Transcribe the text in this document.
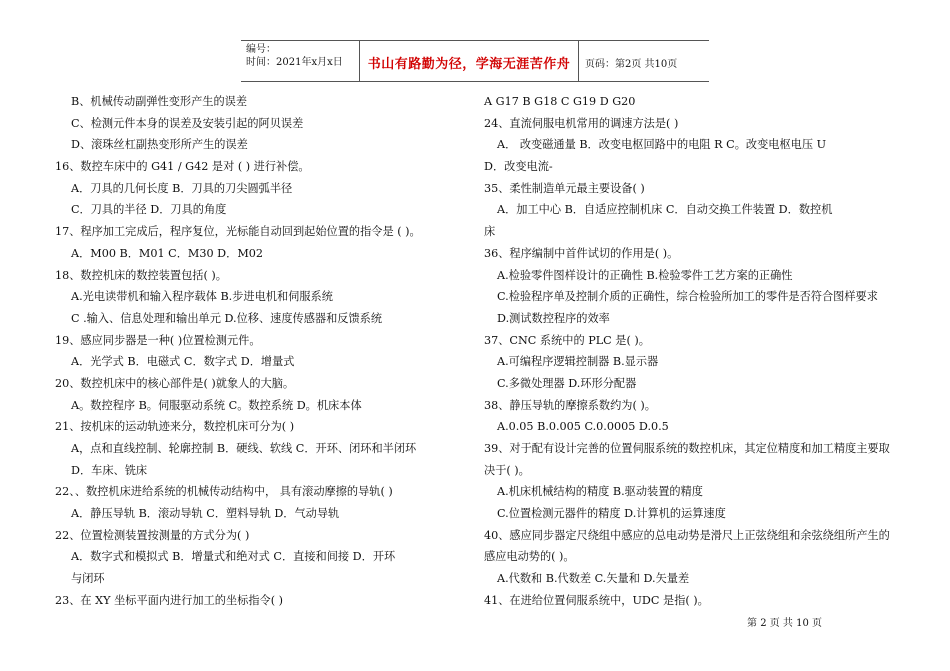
编号：
时间：2021年x月x日	书山有路勤为径，学海无涯苦作舟	页码：第2页 共10页
B、机械传动副弹性变形产生的误差
C、检测元件本身的误差及安装引起的阿贝误差
D、滚珠丝杠副热变形所产生的误差
16、数控车床中的 G41 / G42 是对 ( ) 进行补偿。
A．刀具的几何长度 B．刀具的刀尖圆弧半径
C．刀具的半径 D．刀具的角度
17、程序加工完成后，程序复位，光标能自动回到起始位置的指令是 ( )。
A．M00 B．M01 C．M30 D．M02
18、数控机床的数控装置包括( )。
A.光电读带机和输入程序载体 B.步进电机和伺服系统
C .输入、信息处理和输出单元 D.位移、速度传感器和反馈系统
19、感应同步器是一种( )位置检测元件。
A．光学式 B．电磁式 C．数字式 D．增量式
20、数控机床中的核心部件是( )就象人的大脑。
A。数控程序 B。伺服驱动系统 C。数控系统 D。机床本体
21、按机床的运动轨迹来分，数控机床可分为( )
A，点和直线控制、轮廓控制 B．硬线、软线 C．开环、闭环和半闭环
D．车床、铣床
22、、数控机床进给系统的机械传动结构中， 具有滚动摩擦的导轨( )
A．静压导轨 B．滚动导轨 C．塑料导轨 D．气动导轨
22、位置检测装置按测量的方式分为( )
A．数字式和模拟式 B．增量式和绝对式 C．直接和间接 D．开环
与闭环
23、在 XY 坐标平面内进行加工的坐标指令( )
A G17 B G18 C G19 D G20
24、直流伺服电机常用的调速方法是( )
A． 改变磁通量 B．改变电枢回路中的电阻 R C。改变电枢电压 U
D．改变电流-
35、柔性制造单元最主要设备( )
A．加工中心 B．自适应控制机床 C．自动交换工件装置 D．数控机
床
36、程序编制中首件试切的作用是( )。
A.检验零件图样设计的正确性 B.检验零件工艺方案的正确性
C.检验程序单及控制介质的正确性，综合检验所加工的零件是否符合图样要求
D.测试数控程序的效率
37、CNC 系统中的 PLC 是( )。
A.可编程序逻辑控制器 B.显示器
C.多微处理器 D.环形分配器
38、静压导轨的摩擦系数约为( )。
A.0.05 B.0.005 C.0.0005 D.0.5
39、对于配有设计完善的位置伺服系统的数控机床，其定位精度和加工精度主要取
决于( )。
A.机床机械结构的精度 B.驱动装置的精度
C.位置检测元器件的精度 D.计算机的运算速度
40、感应同步器定尺绕组中感应的总电动势是滑尺上正弦绕组和余弦绕组所产生的
感应电动势的( )。
A.代数和 B.代数差 C.矢量和 D.矢量差
41、在进给位置伺服系统中，UDC 是指( )。
第 2 页 共 10 页
